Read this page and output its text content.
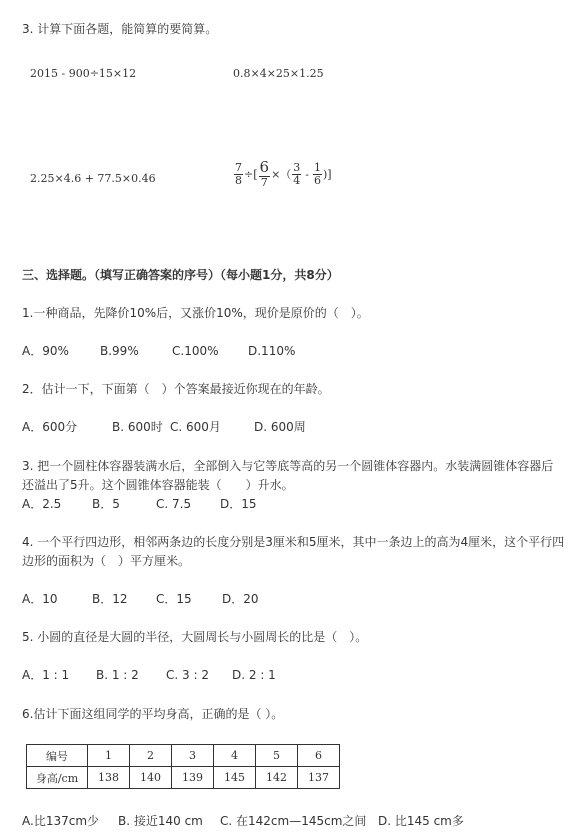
3. 计算下面各题，能简算的要简算。
2015 - 900÷15×12	0.8×4×25×1.25
2.25×4.6 + 77.5×0.46	$\frac{7}{8}$ ÷[ $\frac{6}{7}$ ×（ $\frac{3}{4} - \frac{1}{6}$ )]
三、选择题。（填写正确答案的序号）（每小题1分，共8分）
1.一种商品，先降价10%后，又涨价10%，现价是原价的（　）。
A．90%	B.99%	C.100% D.110%
2．估计一下，下面第（　）个答案最接近你现在的年龄。
A．600分	B. 600时 C. 600月	D. 600周
3. 把一个圆柱体容器装满水后，全部倒入与它等底等高的另一个圆锥体容器内。水装满圆锥体容器后
还溢出了5升。这个圆锥体容器能装（　　）升水。
A．2.5	B．5	C. 7.5 D．15
4. 一个平行四边形，相邻两条边的长度分别是3厘米和5厘米，其中一条边上的高为4厘米，这个平行四
边形的面积为（　）平方厘米。
A．10	B．12 C．15	D．20
5. 小圆的直径是大圆的半径，大圆周长与小圆周长的比是（　）。
A．1 : 1 B. 1 : 2 C. 3 : 2 D. 2 : 1
6.估计下面这组同学的平均身高，正确的是（ ）。
编号	1	2	3	4	5	6
身高/cm	138	140	139	145	142	137
A.比137cm少 B. 接近140 cm C. 在142cm—145cm之间 D. 比145 cm多
